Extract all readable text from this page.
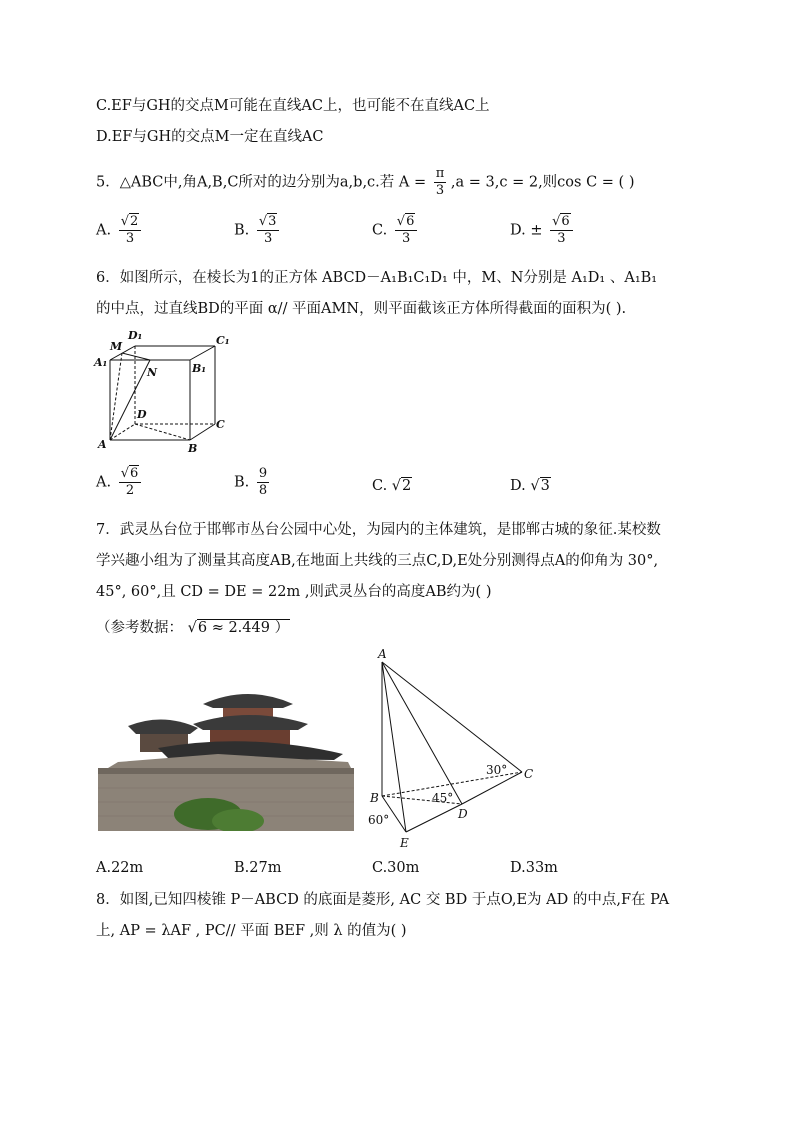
C.EF与GH的交点M可能在直线AC上，也可能不在直线AC上
D.EF与GH的交点M一定在直线AC
5．△ABC中,角A,B,C所对的边分别为a,b,c.若 $A = \frac{\pi}{3} ,a = 3,c = 2$,则cos C = ( )
A. $\frac{√2}{3}$	B. $\frac{√3}{3}$	C. $\frac{√6}{3}$	D. ± $\frac{√6}{3}$
6．如图所示，在棱长为1的正方体 ABCD－A₁B₁C₁D₁ 中，M、N分别是 A₁D₁ 、A₁B₁
的中点，过直线BD的平面 α// 平面AMN，则平面截该正方体所得截面的面积为( ).
D₁	C₁
M
A₁
N	B₁
D
C
A	B
A. $\frac{√6}{2}$	B. $\frac{9}{8}$	C. √2	D. √3
7．武灵丛台位于邯郸市丛台公园中心处，为园内的主体建筑，是邯郸古城的象征.某校数
学兴趣小组为了测量其高度AB,在地面上共线的三点C,D,E处分别测得点A的仰角为 30°,
45°, 60°,且 CD = DE = 22m ,则武灵丛台的高度AB约为( )
（参考数据： √6 ≈ 2.449 ）
A
B
C
D
E
30°
45°
60°
A.22m	B.27m	C.30m	D.33m
8．如图,已知四棱锥 P－ABCD 的底面是菱形, AC 交 BD 于点O,E为 AD 的中点,F在 PA
上, AP = λAF , PC// 平面 BEF ,则 λ 的值为( )
